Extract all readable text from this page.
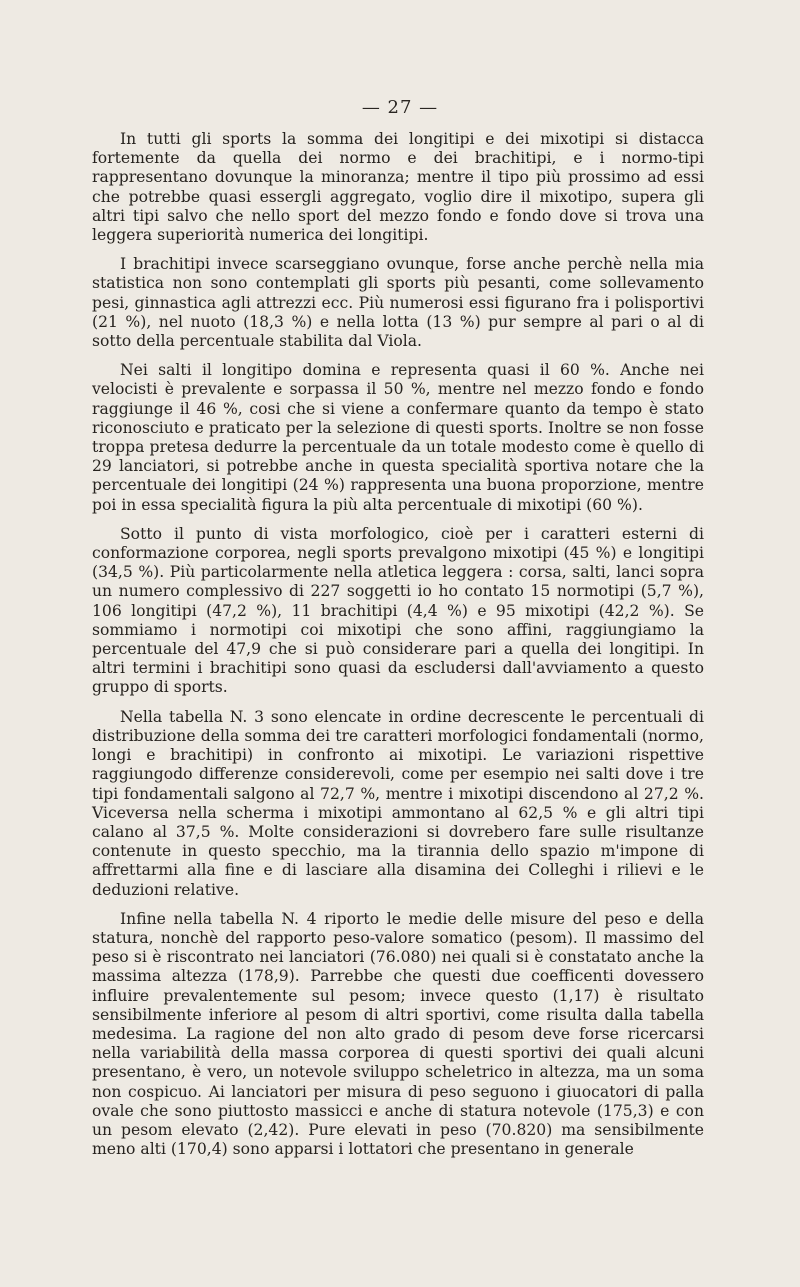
— 27 —

In tutti gli sports la somma dei longitipi e dei mixotipi si distacca fortemente da quella dei normo e dei brachitipi, e i normo-tipi rappresentano dovunque la minoranza; mentre il tipo più prossimo ad essi che potrebbe quasi essergli aggregato, voglio dire il mixotipo, supera gli altri tipi salvo che nello sport del mezzo fondo e fondo dove si trova una leggera superiorità numerica dei longitipi.

I brachitipi invece scarseggiano ovunque, forse anche perchè nella mia statistica non sono contemplati gli sports più pesanti, come sollevamento pesi, ginnastica agli attrezzi ecc. Più numerosi essi figurano fra i polisportivi (21 %), nel nuoto (18,3 %) e nella lotta (13 %) pur sempre al pari o al di sotto della percentuale stabilita dal Viola.

Nei salti il longitipo domina e representa quasi il 60 %. Anche nei velocisti è prevalente e sorpassa il 50 %, mentre nel mezzo fondo e fondo raggiunge il 46 %, cosi che si viene a confermare quanto da tempo è stato riconosciuto e praticato per la selezione di questi sports. Inoltre se non fosse troppa pretesa dedurre la percentuale da un totale modesto come è quello di 29 lanciatori, si potrebbe anche in questa specialità sportiva notare che la percentuale dei longitipi (24 %) rappresenta una buona proporzione, mentre poi in essa specialità figura la più alta percentuale di mixotipi (60 %).

Sotto il punto di vista morfologico, cioè per i caratteri esterni di conformazione corporea, negli sports prevalgono mixotipi (45 %) e longitipi (34,5 %). Più particolarmente nella atletica leggera : corsa, salti, lanci sopra un numero complessivo di 227 soggetti io ho contato 15 normotipi (5,7 %), 106 longitipi (47,2 %), 11 brachitipi (4,4 %) e 95 mixotipi (42,2 %). Se sommiamo i normotipi coi mixotipi che sono affini, raggiungiamo la percentuale del 47,9 che si può considerare pari a quella dei longitipi. In altri termini i brachitipi sono quasi da escludersi dall'avviamento a questo gruppo di sports.

Nella tabella N. 3 sono elencate in ordine decrescente le percentuali di distribuzione della somma dei tre caratteri morfologici fondamentali (normo, longi e brachitipi) in confronto ai mixotipi. Le variazioni rispettive raggiungodo differenze considerevoli, come per esempio nei salti dove i tre tipi fondamentali salgono al 72,7 %, mentre i mixotipi discendono al 27,2 %. Viceversa nella scherma i mixotipi ammontano al 62,5 % e gli altri tipi calano al 37,5 %. Molte considerazioni si dovrebero fare sulle risultanze contenute in questo specchio, ma la tirannia dello spazio m'impone di affrettarmi alla fine e di lasciare alla disamina dei Colleghi i rilievi e le deduzioni relative.

Infine nella tabella N. 4 riporto le medie delle misure del peso e della statura, nonchè del rapporto peso-valore somatico (pesom). Il massimo del peso si è riscontrato nei lanciatori (76.080) nei quali si è constatato anche la massima altezza (178,9). Parrebbe che questi due coefficenti dovessero influire prevalentemente sul pesom; invece questo (1,17) è risultato sensibilmente inferiore al pesom di altri sportivi, come risulta dalla tabella medesima. La ragione del non alto grado di pesom deve forse ricercarsi nella variabilità della massa corporea di questi sportivi dei quali alcuni presentano, è vero, un notevole sviluppo scheletrico in altezza, ma un soma non cospicuo. Ai lanciatori per misura di peso seguono i giuocatori di palla ovale che sono piuttosto massicci e anche di statura notevole (175,3) e con un pesom elevato (2,42). Pure elevati in peso (70.820) ma sensibilmente meno alti (170,4) sono apparsi i lottatori che presentano in generale
